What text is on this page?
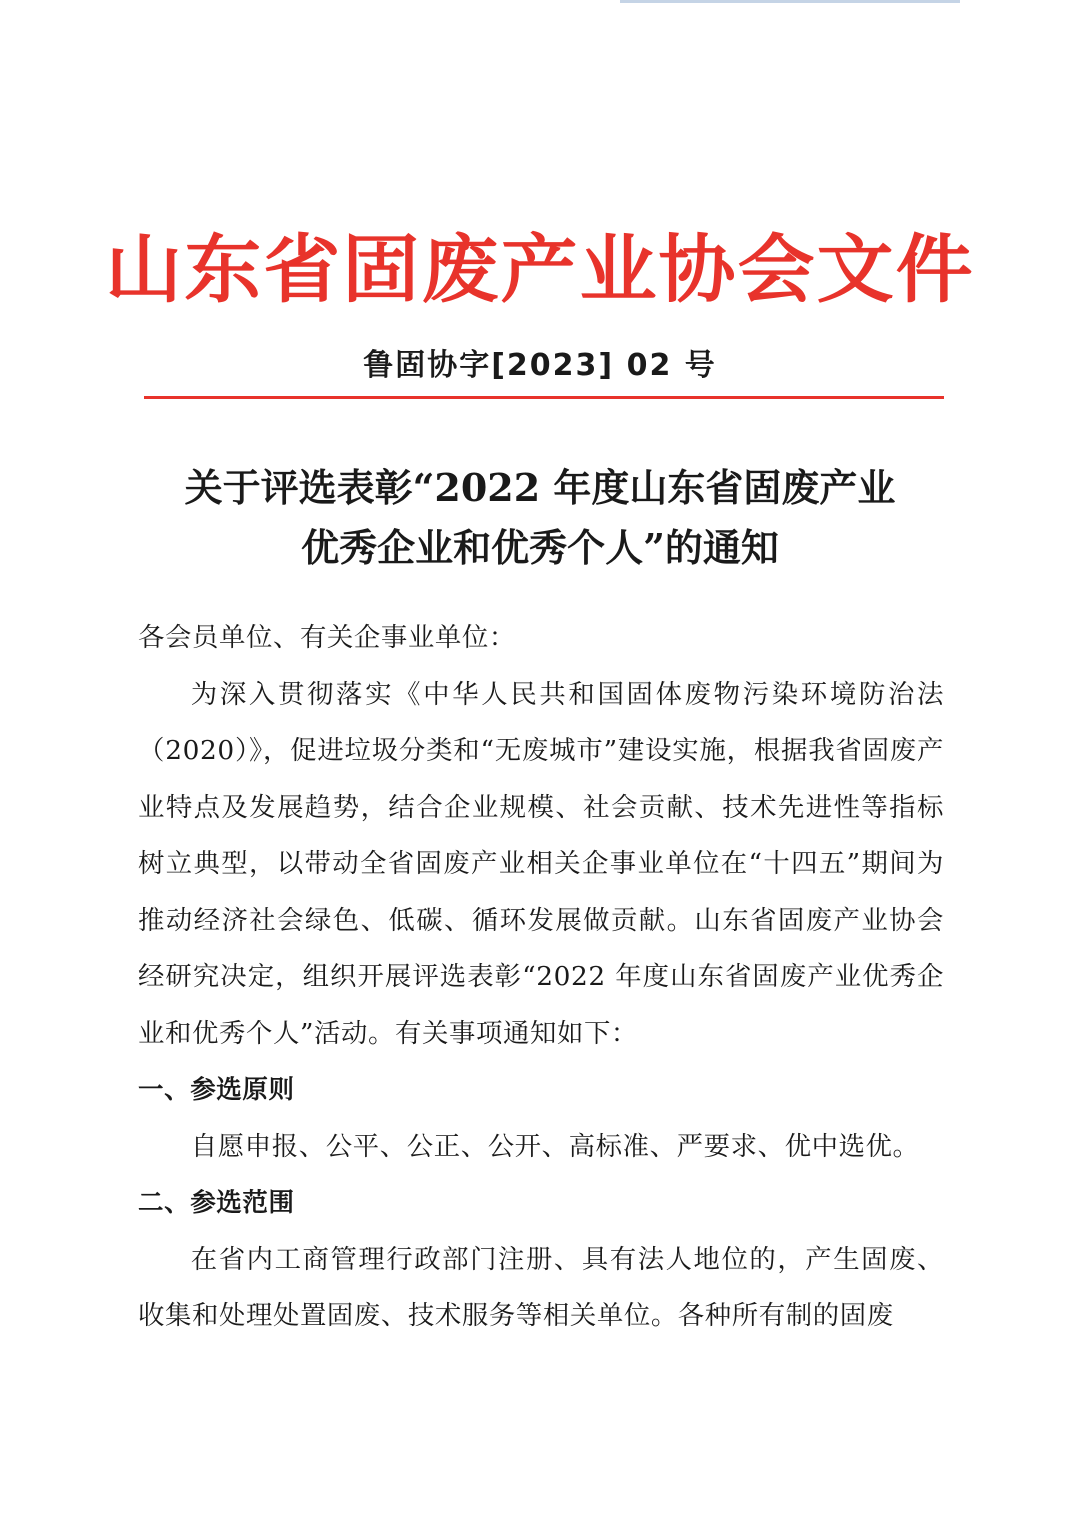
山东省固废产业协会文件
鲁固协字[2023] 02 号
关于评选表彰“2022 年度山东省固废产业
优秀企业和优秀个人”的通知

各会员单位、有关企事业单位：

为深入贯彻落实《中华人民共和国固体废物污染环境防治法（2020）》，促进垃圾分类和“无废城市”建设实施，根据我省固废产业特点及发展趋势，结合企业规模、社会贡献、技术先进性等指标树立典型，以带动全省固废产业相关企事业单位在“十四五”期间为推动经济社会绿色、低碳、循环发展做贡献。山东省固废产业协会经研究决定，组织开展评选表彰“2022 年度山东省固废产业优秀企业和优秀个人”活动。有关事项通知如下：

一、参选原则

自愿申报、公平、公正、公开、高标准、严要求、优中选优。

二、参选范围

在省内工商管理行政部门注册、具有法人地位的，产生固废、收集和处理处置固废、技术服务等相关单位。各种所有制的固废
